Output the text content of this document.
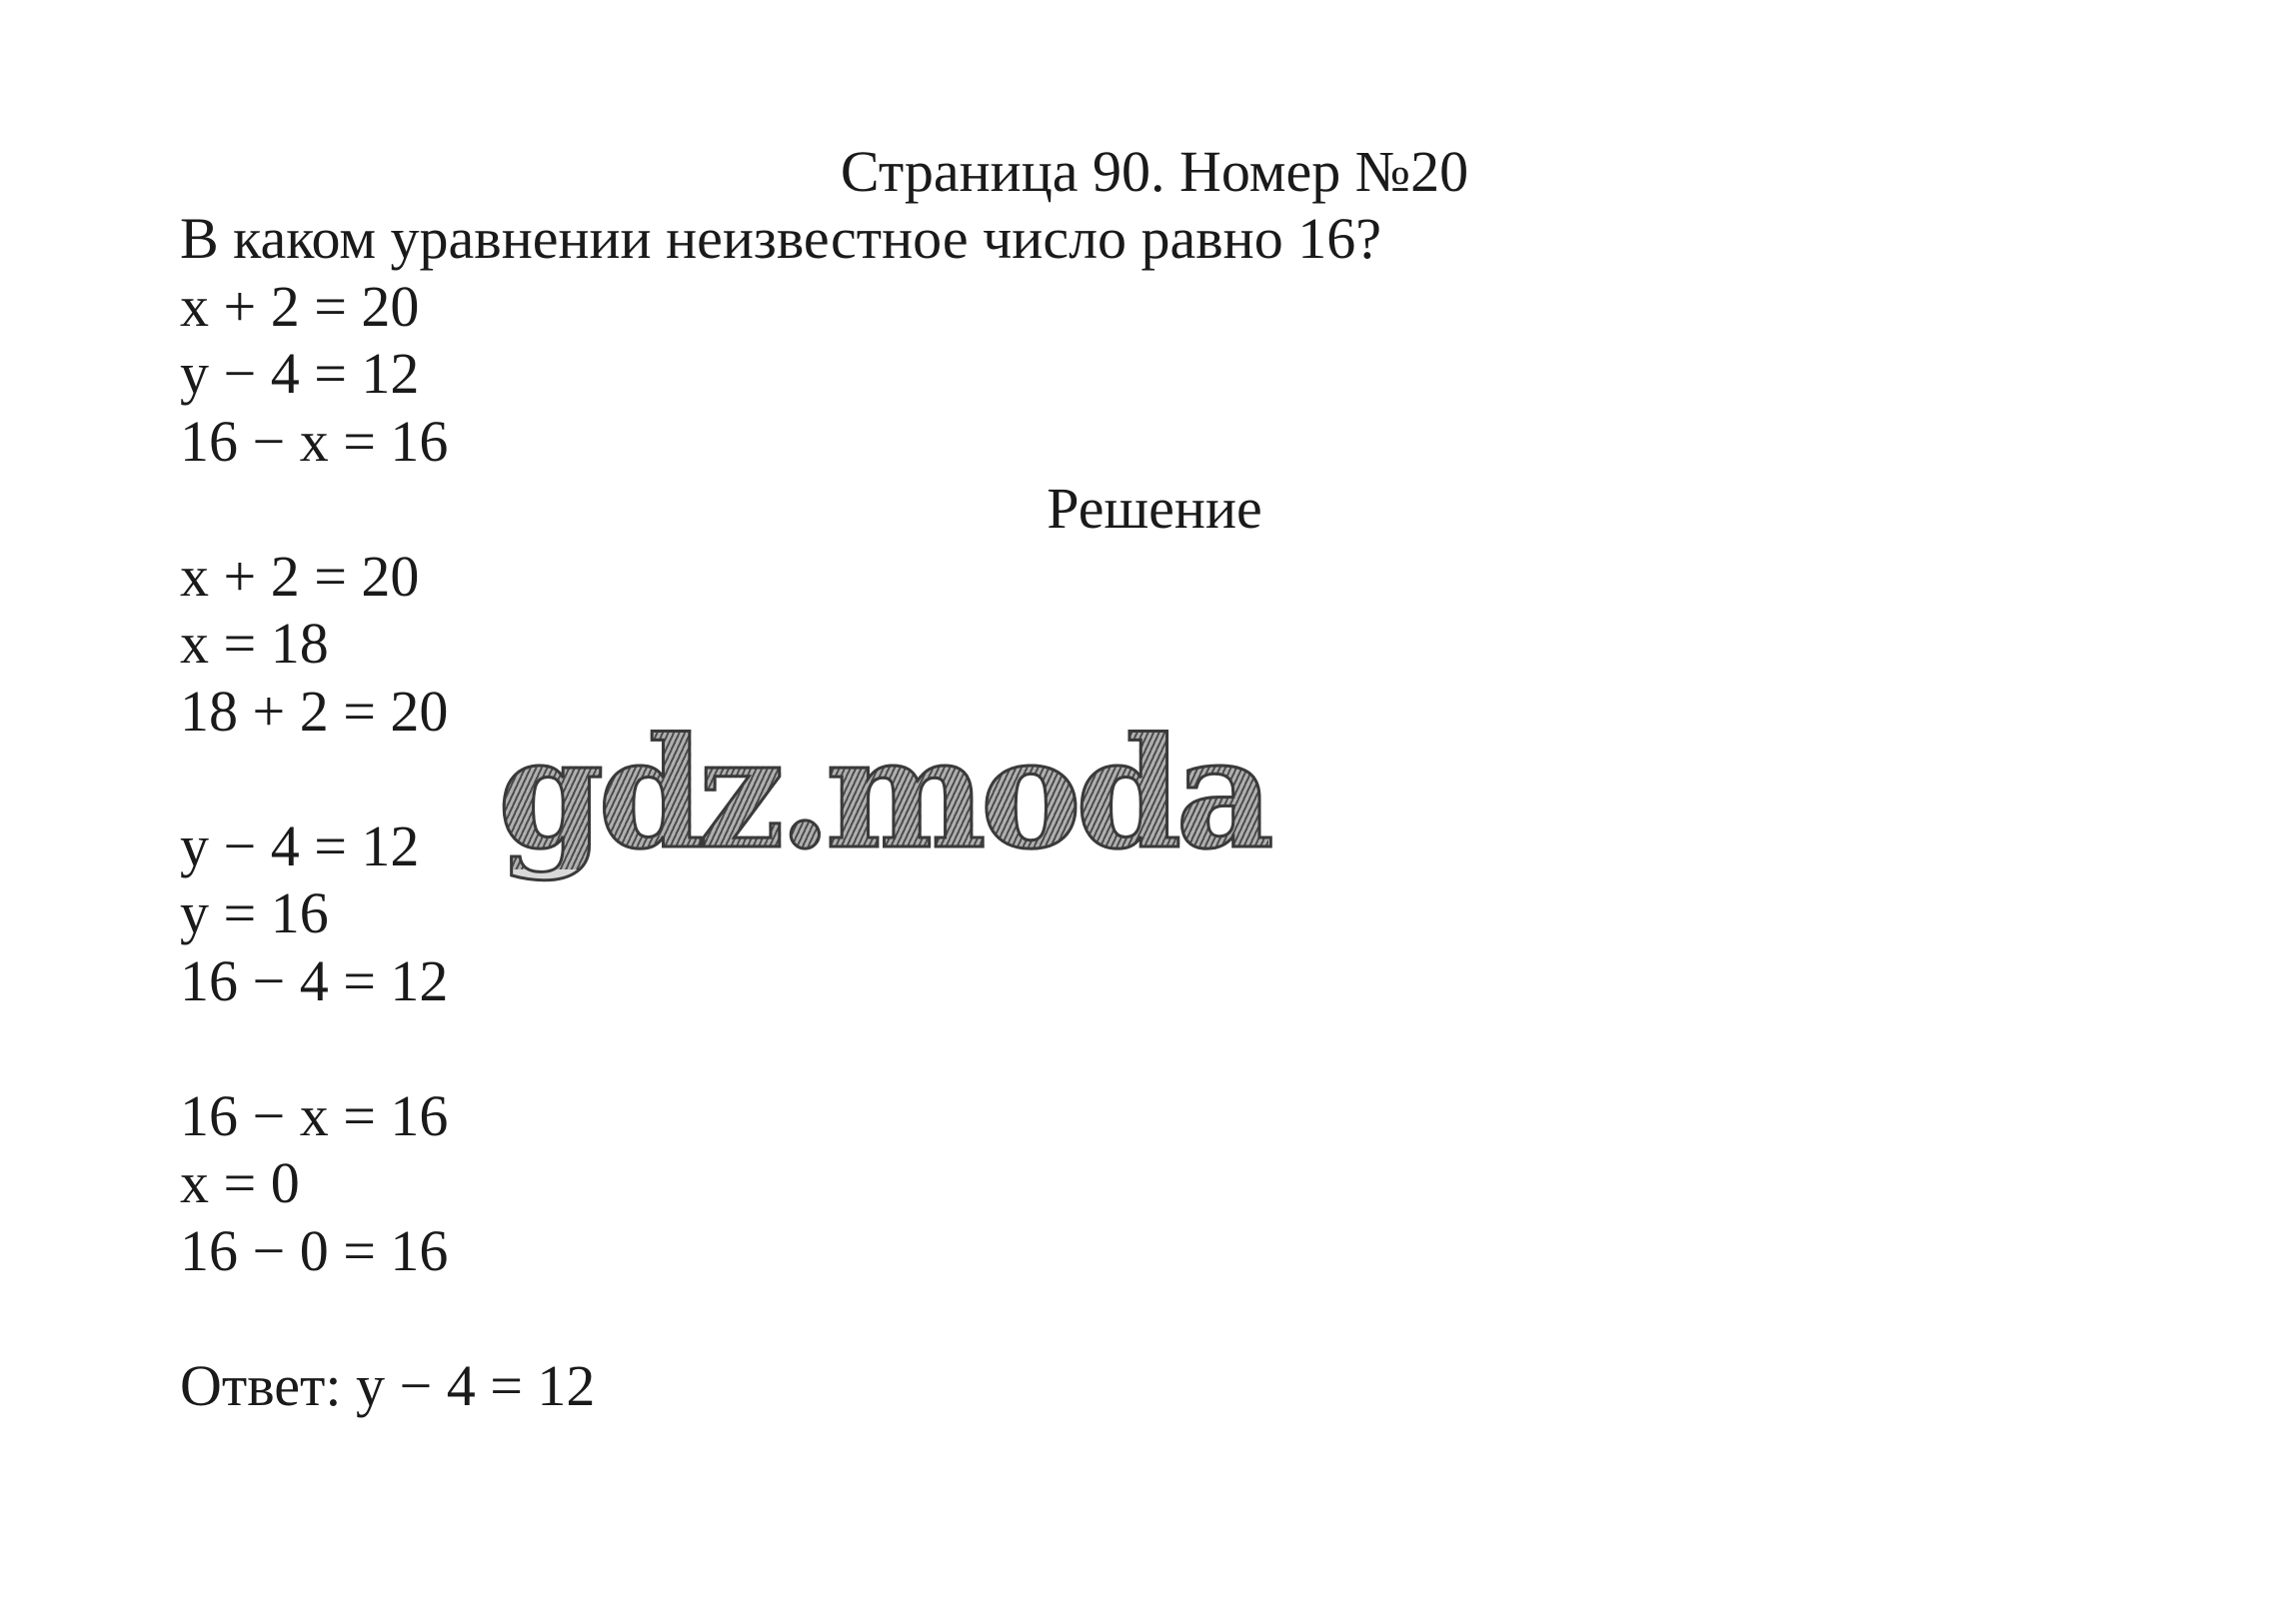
Страница 90. Номер №20
В каком уравнении неизвестное число равно 16?
x + 2 = 20
y − 4 = 12
16 − x = 16
x + 2 = 20
x = 18
18 + 2 = 20
y − 4 = 12
y = 16
16 − 4 = 12
16 − x = 16
x = 0
16 − 0 = 16
Ответ: y − 4 = 12
Решение
gdz.moda
